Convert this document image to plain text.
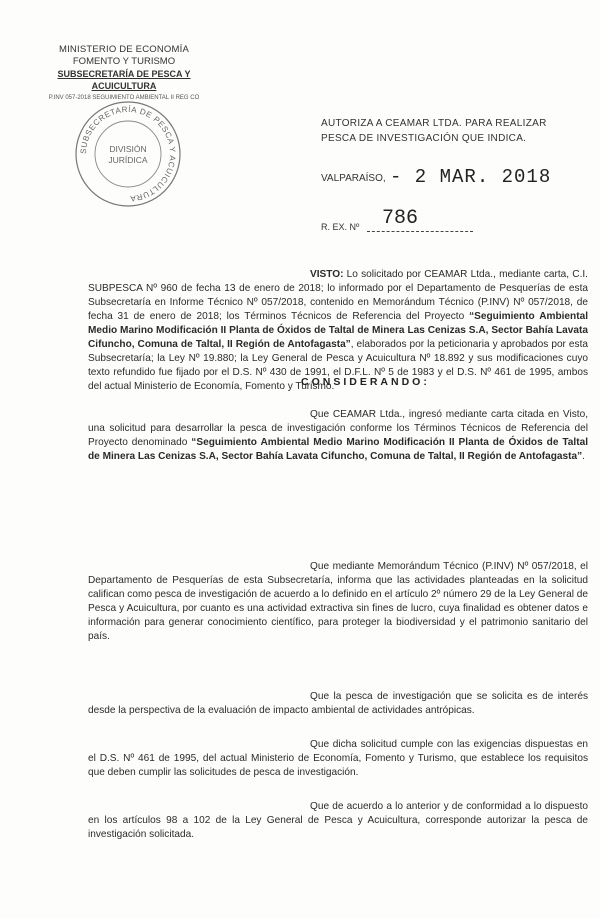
MINISTERIO DE ECONOMÍA
FOMENTO Y TURISMO
SUBSECRETARÍA DE PESCA Y ACUICULTURA
P.INV 057-2018 SEGUIMIENTO AMBIENTAL II REG CO
SUBSECRETARÍA DE PESCA Y ACUICULTURA
DIVISIÓN
JURÍDICA
AUTORIZA A CEAMAR LTDA. PARA REALIZAR PESCA DE INVESTIGACIÓN QUE INDICA.
VALPARAÍSO, - 2 MAR. 2018
R. EX. Nº 786
VISTO: Lo solicitado por CEAMAR Ltda., mediante carta, C.I. SUBPESCA Nº 960 de fecha 13 de enero de 2018; lo informado por el Departamento de Pesquerías de esta Subsecretaría en Informe Técnico Nº 057/2018, contenido en Memorándum Técnico (P.INV) Nº 057/2018, de fecha 31 de enero de 2018; los Términos Técnicos de Referencia del Proyecto “Seguimiento Ambiental Medio Marino Modificación II Planta de Óxidos de Taltal de Minera Las Cenizas S.A, Sector Bahía Lavata Cifuncho, Comuna de Taltal, II Región de Antofagasta”, elaborados por la peticionaria y aprobados por esta Subsecretaría; la Ley Nº 19.880; la Ley General de Pesca y Acuicultura Nº 18.892 y sus modificaciones cuyo texto refundido fue fijado por el D.S. Nº 430 de 1991, el D.F.L. Nº 5 de 1983 y el D.S. Nº 461 de 1995, ambos del actual Ministerio de Economía, Fomento y Turismo.
CONSIDERANDO:
Que CEAMAR Ltda., ingresó mediante carta citada en Visto, una solicitud para desarrollar la pesca de investigación conforme los Términos Técnicos de Referencia del Proyecto denominado “Seguimiento Ambiental Medio Marino Modificación II Planta de Óxidos de Taltal de Minera Las Cenizas S.A, Sector Bahía Lavata Cifuncho, Comuna de Taltal, II Región de Antofagasta”.
Que mediante Memorándum Técnico (P.INV) Nº 057/2018, el Departamento de Pesquerías de esta Subsecretaría, informa que las actividades planteadas en la solicitud califican como pesca de investigación de acuerdo a lo definido en el artículo 2º número 29 de la Ley General de Pesca y Acuicultura, por cuanto es una actividad extractiva sin fines de lucro, cuya finalidad es obtener datos e información para generar conocimiento científico, para proteger la biodiversidad y el patrimonio sanitario del país.
Que la pesca de investigación que se solicita es de interés desde la perspectiva de la evaluación de impacto ambiental de actividades antrópicas.
Que dicha solicitud cumple con las exigencias dispuestas en el D.S. Nº 461 de 1995, del actual Ministerio de Economía, Fomento y Turismo, que establece los requisitos que deben cumplir las solicitudes de pesca de investigación.
Que de acuerdo a lo anterior y de conformidad a lo dispuesto en los artículos 98 a 102 de la Ley General de Pesca y Acuicultura, corresponde autorizar la pesca de investigación solicitada.
